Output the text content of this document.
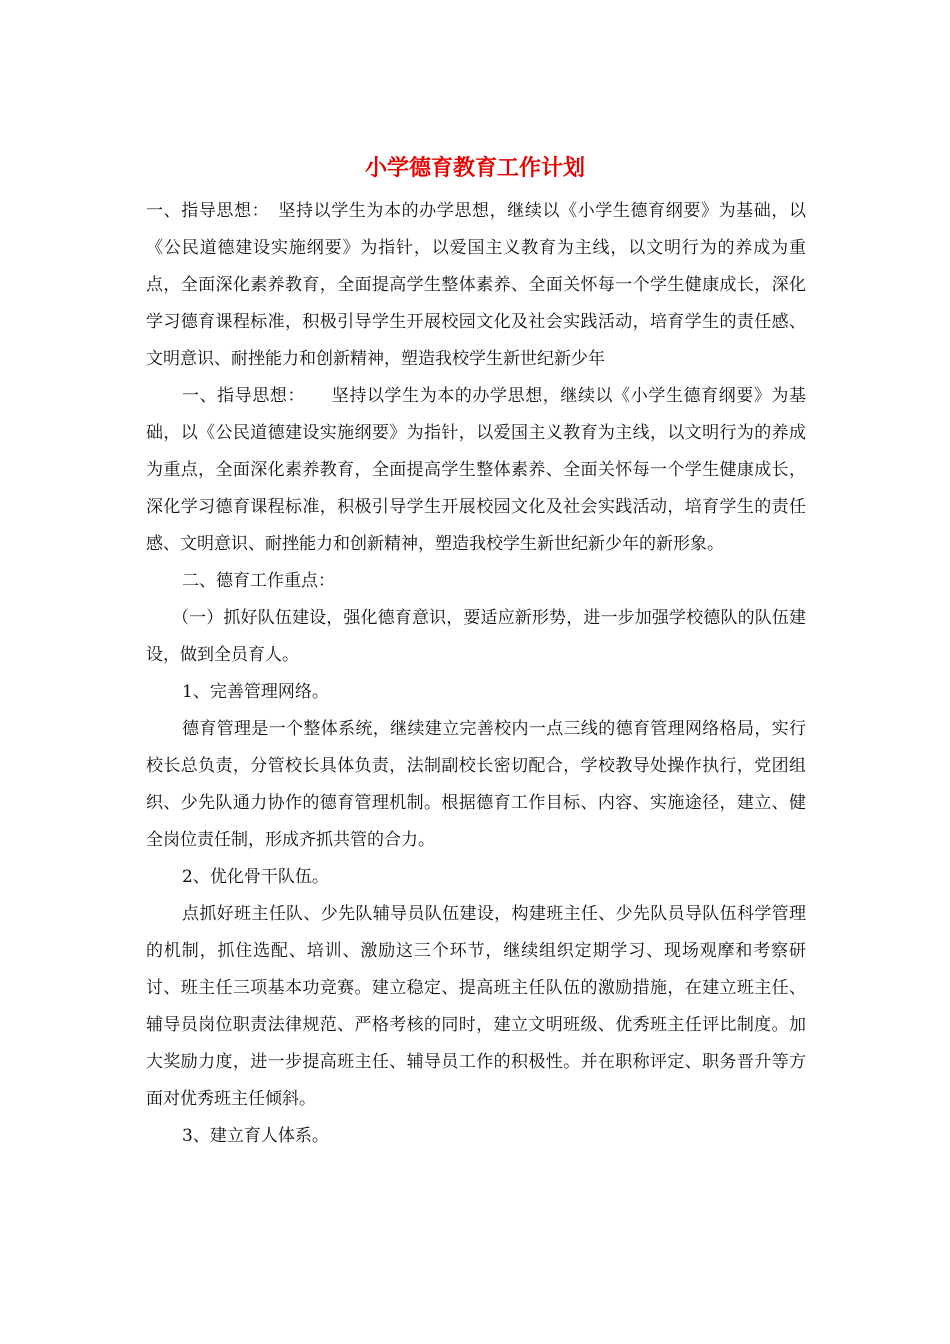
小学德育教育工作计划

一、指导思想：　坚持以学生为本的办学思想，继续以《小学生德育纲要》为基础，以《公民道德建设实施纲要》为指针，以爱国主义教育为主线，以文明行为的养成为重点，全面深化素养教育，全面提高学生整体素养、全面关怀每一个学生健康成长，深化学习德育课程标准，积极引导学生开展校园文化及社会实践活动，培育学生的责任感、文明意识、耐挫能力和创新精神，塑造我校学生新世纪新少年

一、指导思想：　　坚持以学生为本的办学思想，继续以《小学生德育纲要》为基础，以《公民道德建设实施纲要》为指针，以爱国主义教育为主线，以文明行为的养成为重点，全面深化素养教育，全面提高学生整体素养、全面关怀每一个学生健康成长，深化学习德育课程标准，积极引导学生开展校园文化及社会实践活动，培育学生的责任感、文明意识、耐挫能力和创新精神，塑造我校学生新世纪新少年的新形象。

二、德育工作重点：

（一）抓好队伍建设，强化德育意识，要适应新形势，进一步加强学校德队的队伍建设，做到全员育人。

1、完善管理网络。

德育管理是一个整体系统，继续建立完善校内一点三线的德育管理网络格局，实行校长总负责，分管校长具体负责，法制副校长密切配合，学校教导处操作执行，党团组织、少先队通力协作的德育管理机制。根据德育工作目标、内容、实施途径，建立、健全岗位责任制，形成齐抓共管的合力。

2、优化骨干队伍。

点抓好班主任队、少先队辅导员队伍建设，构建班主任、少先队员导队伍科学管理的机制，抓住选配、培训、激励这三个环节，继续组织定期学习、现场观摩和考察研讨、班主任三项基本功竞赛。建立稳定、提高班主任队伍的激励措施，在建立班主任、辅导员岗位职责法律规范、严格考核的同时，建立文明班级、优秀班主任评比制度。加大奖励力度，进一步提高班主任、辅导员工作的积极性。并在职称评定、职务晋升等方面对优秀班主任倾斜。

3、建立育人体系。
